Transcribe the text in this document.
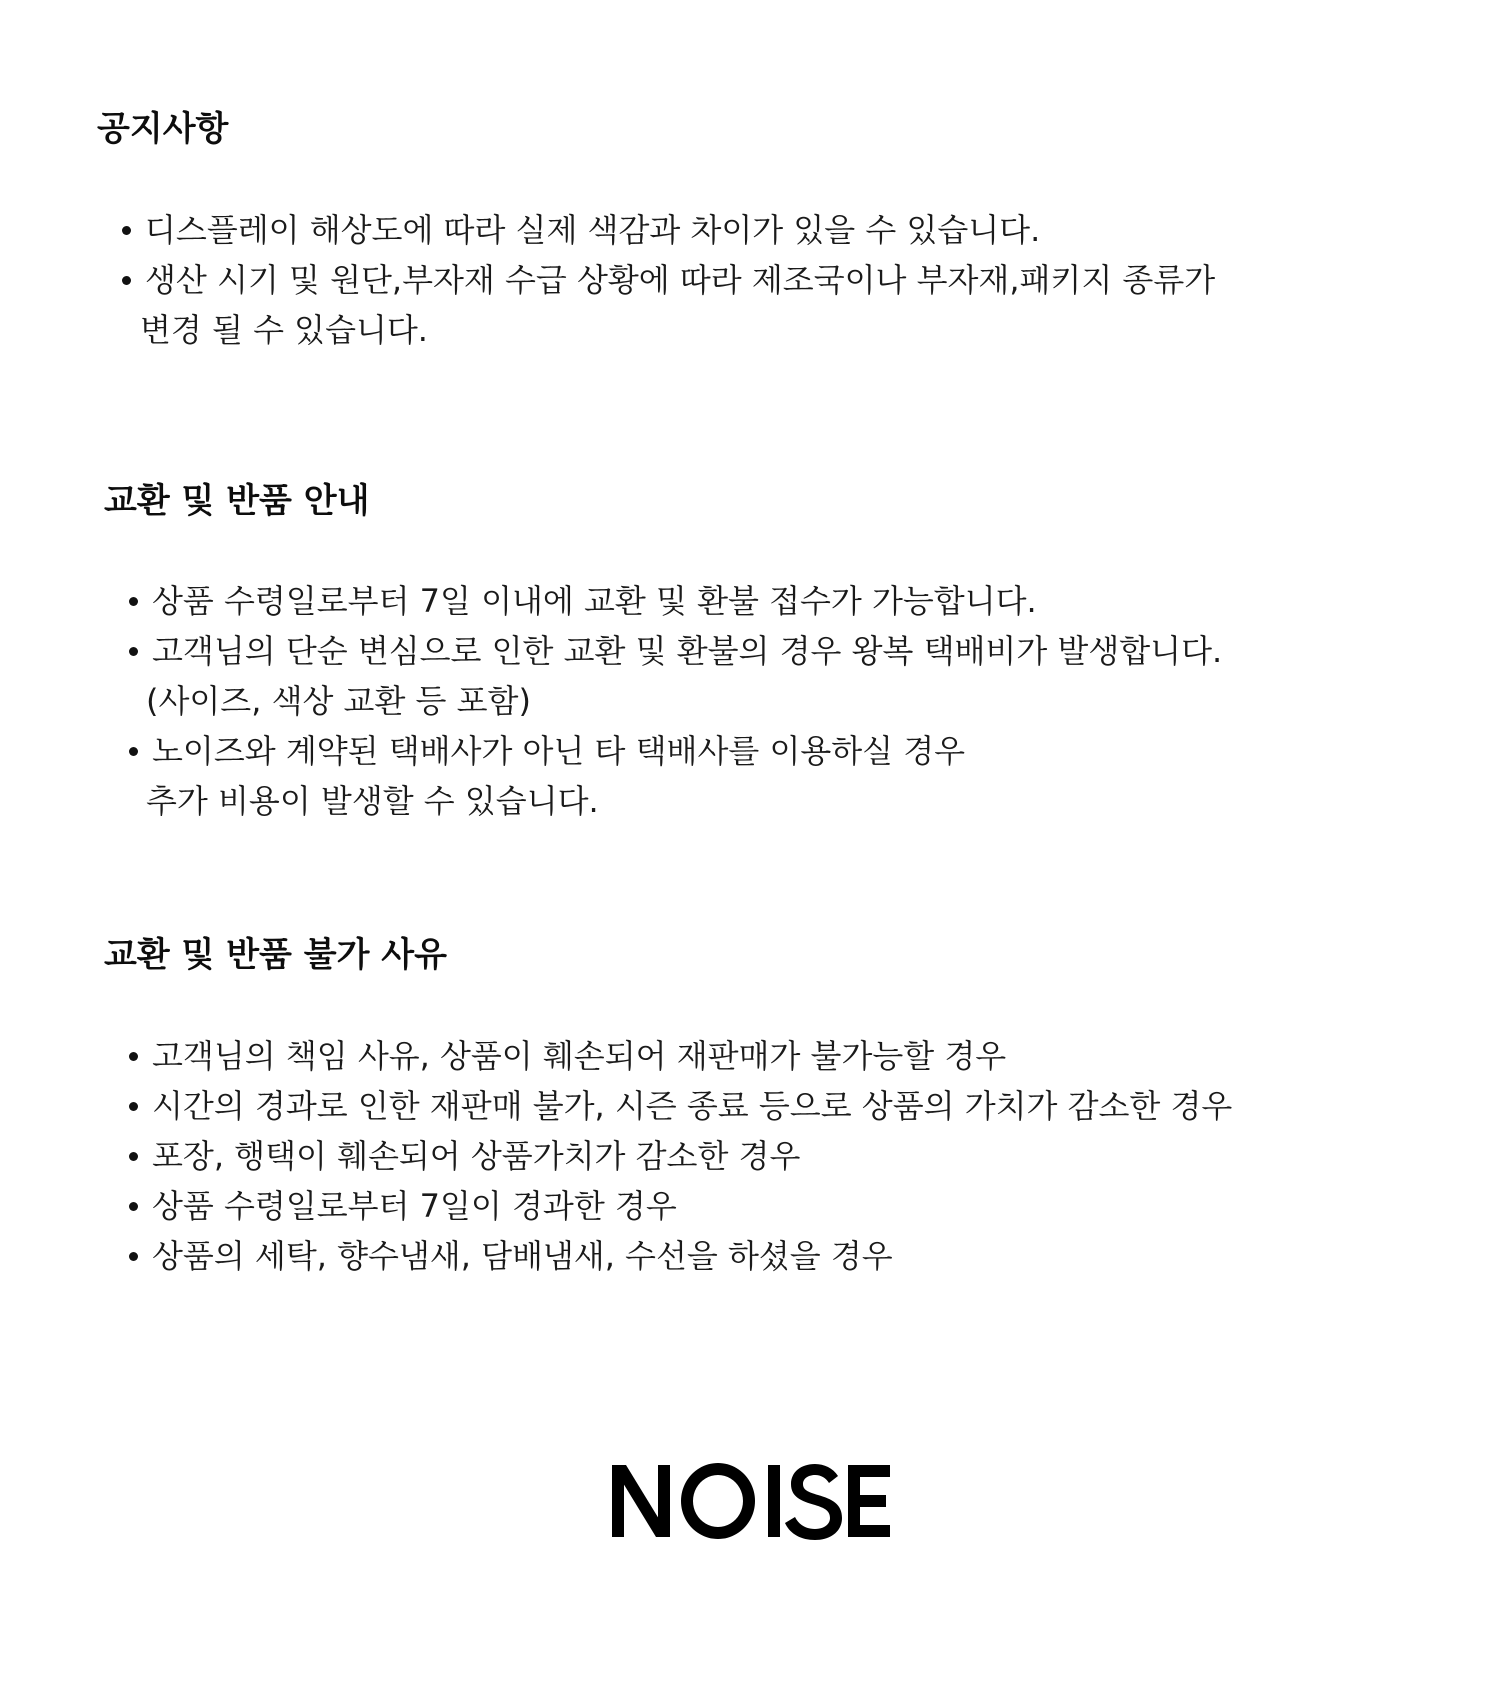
공지사항
디스플레이 해상도에 따라 실제 색감과 차이가 있을 수 있습니다.
생산 시기 및 원단,부자재 수급 상황에 따라 제조국이나 부자재,패키지 종류가
변경 될 수 있습니다.
교환 및 반품 안내
상품 수령일로부터 7일 이내에 교환 및 환불 접수가 가능합니다.
고객님의 단순 변심으로 인한 교환 및 환불의 경우 왕복 택배비가 발생합니다.
(사이즈, 색상 교환 등 포함)
노이즈와 계약된 택배사가 아닌 타 택배사를 이용하실 경우
추가 비용이 발생할 수 있습니다.
교환 및 반품 불가 사유
고객님의 책임 사유, 상품이 훼손되어 재판매가 불가능할 경우
시간의 경과로 인한 재판매 불가, 시즌 종료 등으로 상품의 가치가 감소한 경우
포장, 행택이 훼손되어 상품가치가 감소한 경우
상품 수령일로부터 7일이 경과한 경우
상품의 세탁, 향수냄새, 담배냄새, 수선을 하셨을 경우
